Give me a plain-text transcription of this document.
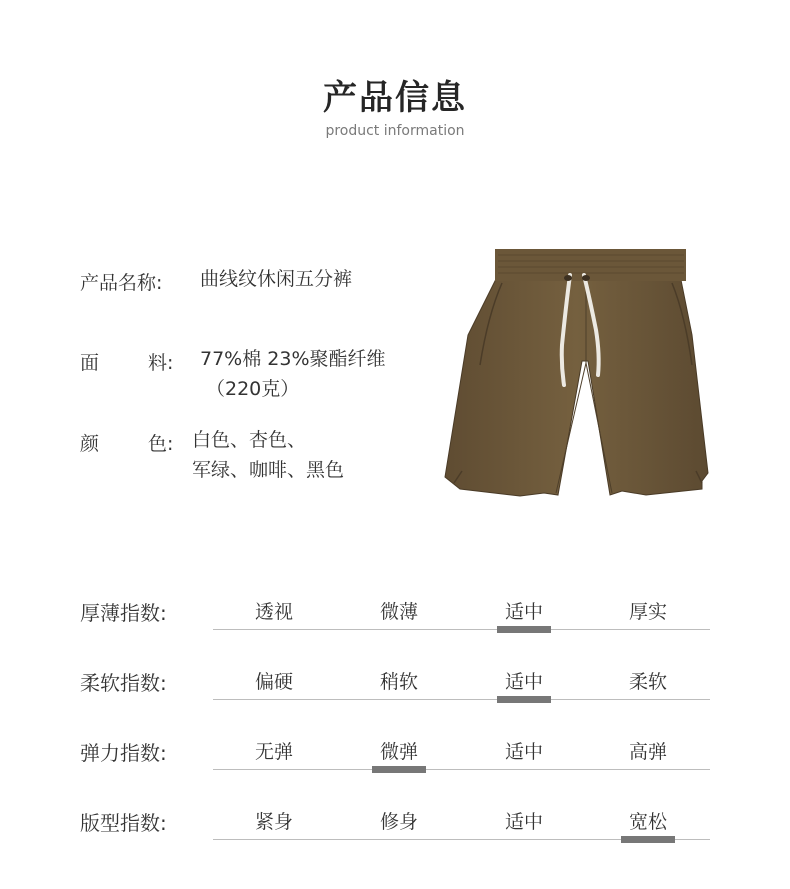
产品信息
product information
产品名称: 曲线纹休闲五分裤
面	料: 77%棉 23%聚酯纤维
（220克）
颜	色: 白色、杏色、
军绿、咖啡、黑色
厚薄指数:	透视	微薄	适中	厚实
柔软指数:	偏硬	稍软	适中	柔软
弹力指数:	无弹	微弹	适中	高弹
版型指数:	紧身	修身	适中	宽松
